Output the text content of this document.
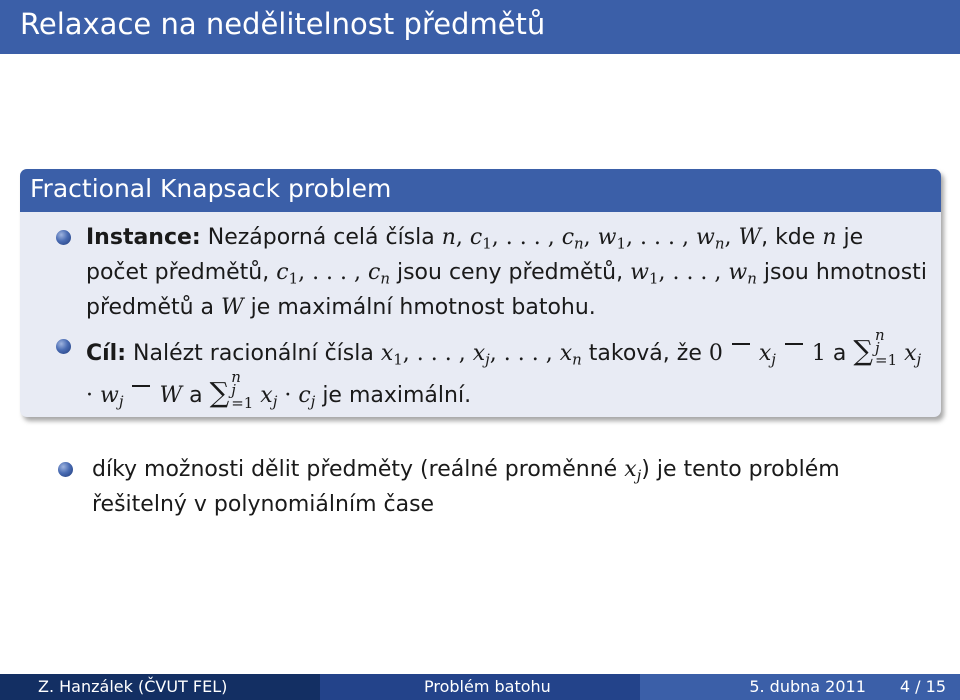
Relaxace na nedělitelnost předmětů
Fractional Knapsack problem
Instance: Nezáporná celá čísla n, $c_1$, . . . , $c_n$, $w_1$, . . . , $w_n$, W, kde n je počet předmětů, $c_1$, . . . , $c_n$ jsou ceny předmětů, $w_1$, . . . , $w_n$ jsou hmotnosti předmětů a W je maximální hmotnost batohu.
Cíl: Nalézt racionální čísla $x_1$, . . . , $x_j$, . . . , $x_n$ taková, že 0 $x_j$ 1 a ∑
n
j
=1 $x_j \cdot w_j$ W a ∑
n
j
=1 $x_j \cdot c_j$ je maximální.
díky možnosti dělit předměty (reálné proměnné $x_j$) je tento problém řešitelný v polynomiálním čase
Z. Hanzálek (ČVUT FEL)	Problém batohu	5. dubna 2011 4 / 15
